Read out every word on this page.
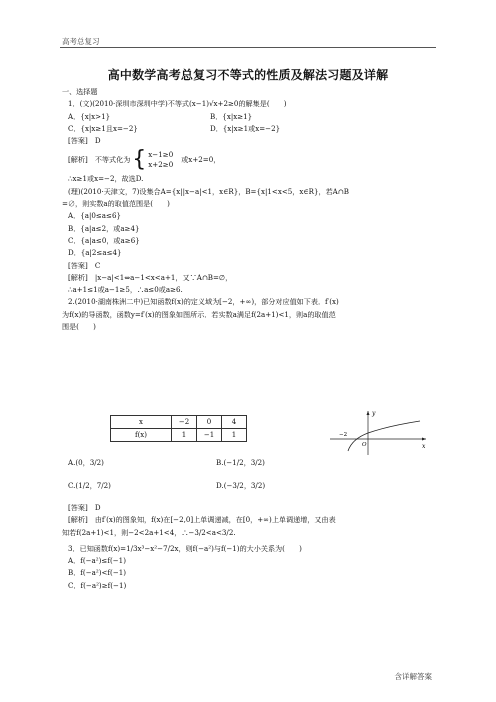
高考总复习
高中数学高考总复习不等式的性质及解法习题及详解
一、选择题
1．(文)(2010·深圳市深圳中学)不等式(x−1)√x+2≥0的解集是(　　)
A．{x|x>1}	B．{x|x≥1}
C．{x|x≥1且x=−2}	D．{x|x≥1或x=−2}
[答案]　D
[解析]　不等式化为 { x−1≥0
x+2≥0
或x+2=0，
∴x≥1或x=−2，故选D.
(理)(2010·天津文，7)设集合A={x||x−a|<1，x∈R}，B={x|1<x<5，x∈R}，若A∩B
=∅，则实数a的取值范围是(　　)
A．{a|0≤a≤6}
B．{a|a≤2，或a≥4}
C．{a|a≤0，或a≥6}
D．{a|2≤a≤4}
[答案]　C
[解析]　|x−a|<1⇔a−1<x<a+1，又∵A∩B=∅，
∴a+1≤1或a−1≥5，∴a≤0或a≥6.
2.(2010·湖南株洲二中)已知函数f(x)的定义域为[−2，+∞)，部分对应值如下表．f′(x)
为f(x)的导函数，函数y=f′(x)的图象如图所示．若实数a满足f(2a+1)<1，则a的取值范
围是(　　)
x	−2	0	4
f(x)	1	−1	1
y
x
O
−2
A.(0，3/2)	B.(−1/2，3/2)
C.(1/2，7/2)	D.(−3/2，3/2)
[答案]　D
[解析]　由f′(x)的图象知，f(x)在[−2,0]上单调递减，在[0，+∞)上单调递增，又由表
知若f(2a+1)<1，则−2<2a+1<4，∴−3/2<a<3/2.
3．已知函数f(x)=1/3x³−x²−7/2x，则f(−a²)与f(−1)的大小关系为(　　)
A．f(−a²)≤f(−1)
B．f(−a²)<f(−1)
C．f(−a²)≥f(−1)
含详解答案
